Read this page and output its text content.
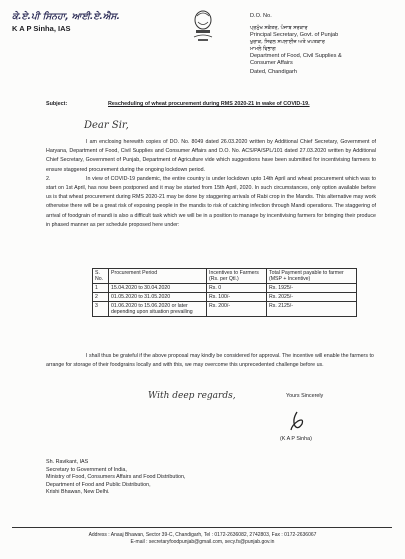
ਕੇ.ਏ.ਪੀ ਸਿਨਹਾ, ਆਈ.ਏ.ਐਸ.
K A P Sinha, IAS
D.O. No.
ਪ੍ਰਮੁੱਖ ਸਕੱਤਰ, ਪੰਜਾਬ ਸਰਕਾਰ
Principal Secretary, Govt. of Punjab
ਖੁਰਾਕ, ਸਿਵਲ ਸਪਲਾਈਜ਼ ਅਤੇ ਖਪਤਕਾਰ
ਮਾਮਲੇ ਵਿਭਾਗ
Department of Food, Civil Supplies &
Consumer Affairs
Dated, Chandigarh
Subject:	Rescheduling of wheat procurement during RMS 2020-21 in wake of COVID-19.
Dear Sir,

I am enclosing herewith copies of DO. No. 8049 dated 26.03.2020 written by Additional Chief Secretary, Government of Haryana, Department of Food, Civil Supplies and Consumer Affairs and D.O. No. ACS/PA/SPL/101 dated 27.03.2020 written by Additional Chief Secretary, Government of Punjab, Department of Agriculture vide which suggestions have been submitted for incentivising farmers to ensure staggered procurement during the ongoing lockdown period.

2.	In view of COVID-19 pandemic, the entire country is under lockdown upto 14th April and wheat procurement which was to start on 1st April, has now been postponed and it may be started from 15th April, 2020. In such circumstances, only option available before us is that wheat procurement during RMS 2020-21 may be done by staggering arrivals of Rabi crop in the Mandis. This alternative may work otherwise there will be a great risk of exposing people in the mandis to risk of catching infection through Mandi operations. The staggering of arrival of foodgrain of mandi is also a difficult task which we will be in a position to manage by incentivising farmers for bringing their produce in phased manner as per schedule proposed here under:

S. No.	Procurement Period	Incentives to Farmers (Rs. per Qtl.)	Total Payment payable to farmer (MSP + Incentive)
1	15.04.2020 to 30.04.2020	Rs. 0	Rs. 1925/-
2	01.05.2020 to 31.05.2020	Rs. 100/-	Rs. 2025/-
3	01.06.2020 to 15.06.2020 or later depending upon situation prevailing	Rs. 200/-	Rs. 2125/-
I shall thus be grateful if the above proposal may kindly be considered for approval. The incentive will enable the farmers to arrange for storage of their foodgrains locally and with this, we may overcome this unprecedented challenge before us.
With deep regards,	Yours Sincerely
(K A P Sinha)
Sh. Ravikant, IAS
Secretary to Government of India,
Ministry of Food, Consumers Affairs and Food Distribution,
Department of Food and Public Distribution,
Krishi Bhawan, New Delhi.
Address : Anaaj Bhawan, Sector 39-C, Chandigarh, Tel : 0172-2636082, 2742803, Fax : 0172-2636067
E-mail : secretaryfoodpunjab@gmail.com, secy.fs@punjab.gov.in
